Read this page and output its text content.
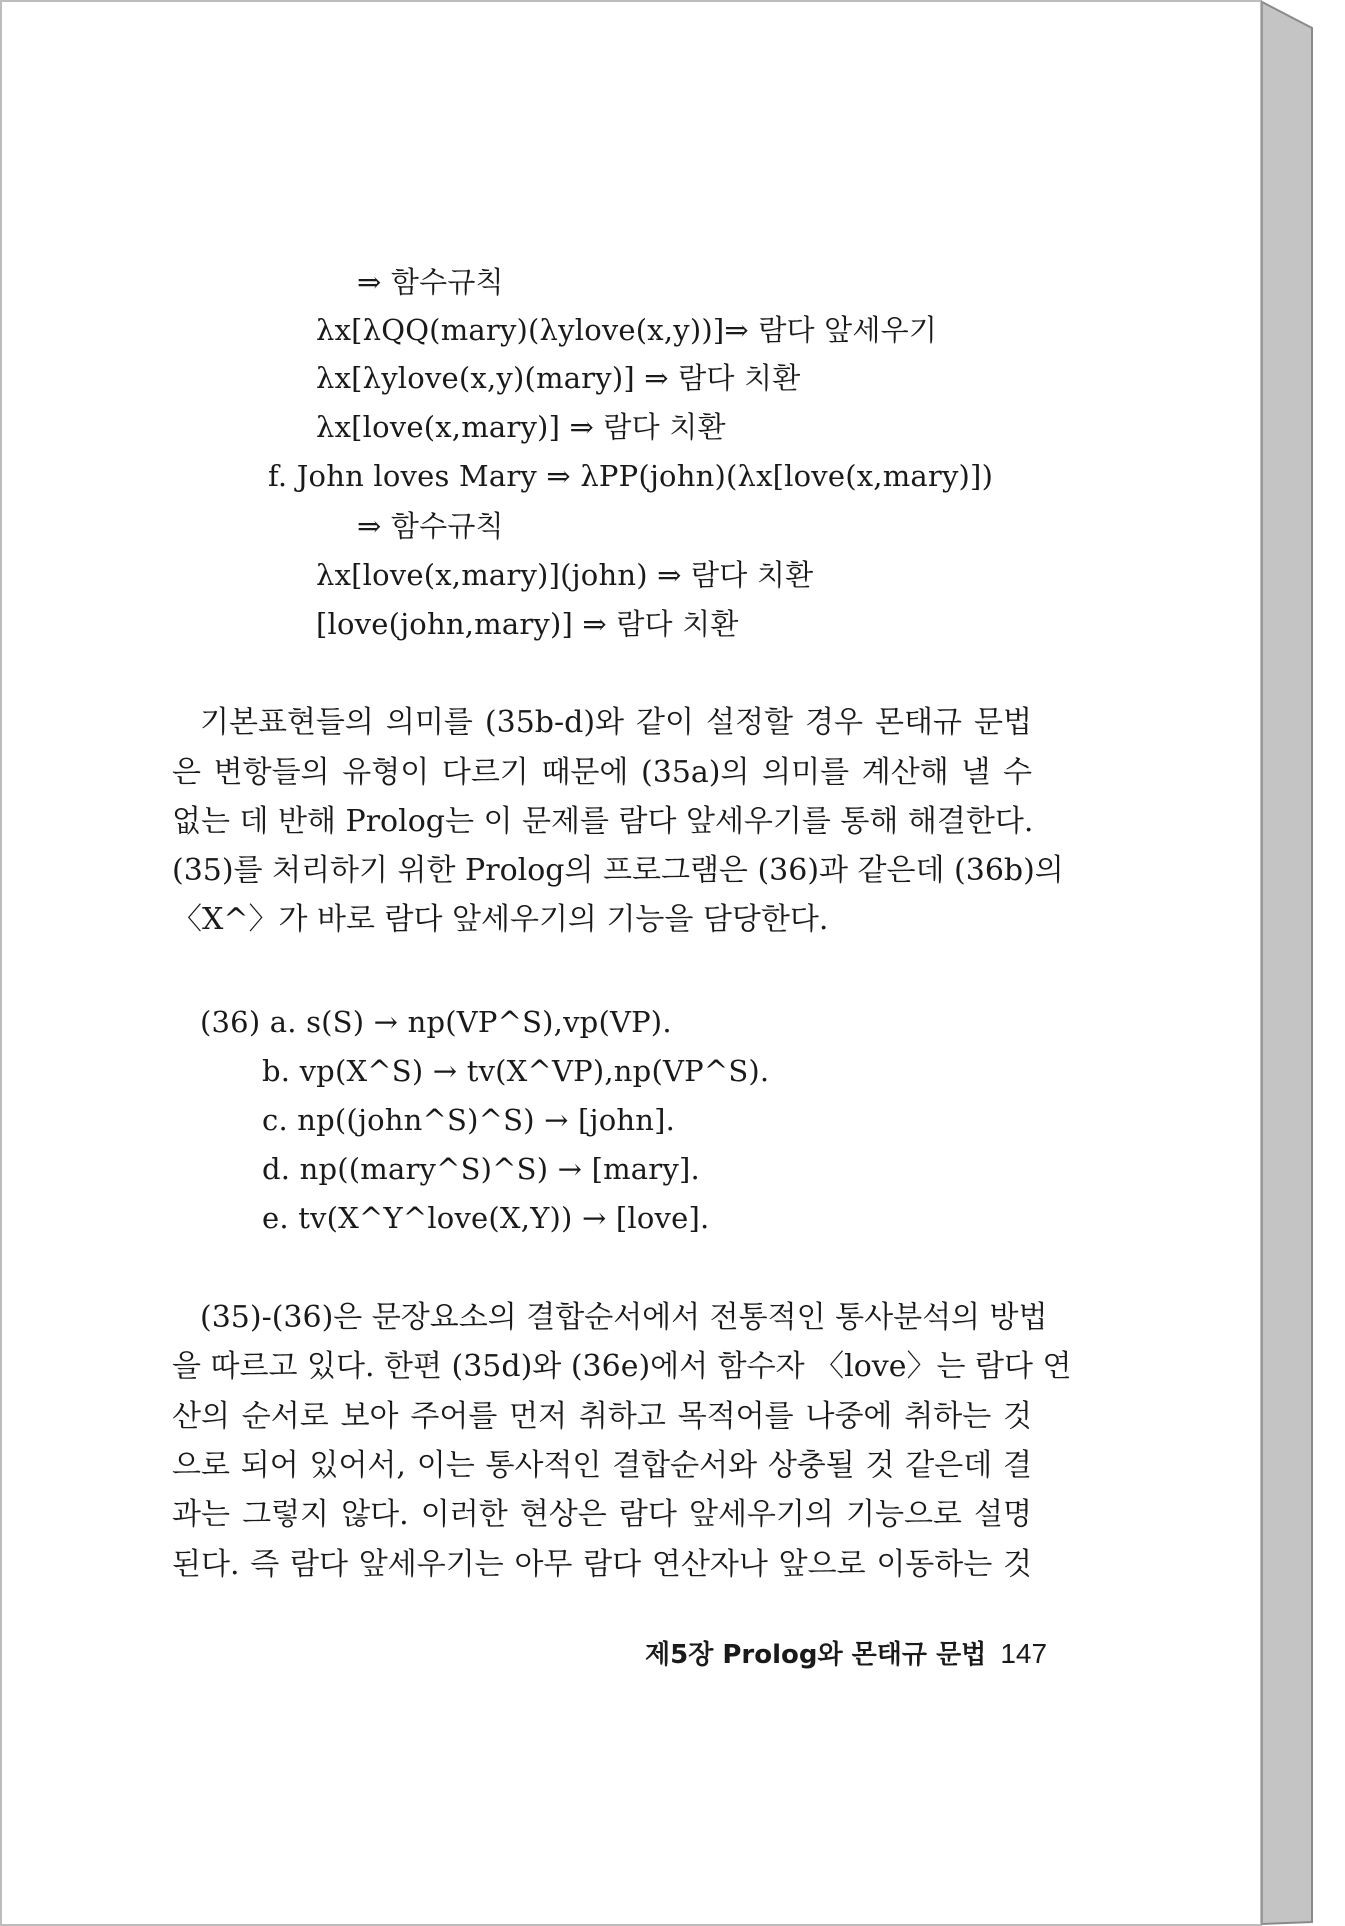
⇒ 함수규칙
λx[λQQ(mary)(λylove(x,y))]⇒ 람다 앞세우기
λx[λylove(x,y)(mary)] ⇒ 람다 치환
λx[love(x,mary)] ⇒ 람다 치환
f. John loves Mary ⇒ λPP(john)(λx[love(x,mary)])
⇒ 함수규칙
λx[love(x,mary)](john) ⇒ 람다 치환
[love(john,mary)] ⇒ 람다 치환
기본표현들의 의미를 (35b-d)와 같이 설정할 경우 몬태규 문법
은 변항들의 유형이 다르기 때문에 (35a)의 의미를 계산해 낼 수
없는 데 반해 Prolog는 이 문제를 람다 앞세우기를 통해 해결한다.
(35)를 처리하기 위한 Prolog의 프로그램은 (36)과 같은데 (36b)의
〈X^〉가 바로 람다 앞세우기의 기능을 담당한다.
(36) a. s(S) → np(VP^S),vp(VP).
b. vp(X^S) → tv(X^VP),np(VP^S).
c. np((john^S)^S) → [john].
d. np((mary^S)^S) → [mary].
e. tv(X^Y^love(X,Y)) → [love].
(35)-(36)은 문장요소의 결합순서에서 전통적인 통사분석의 방법
을 따르고 있다. 한편 (35d)와 (36e)에서 함수자 〈love〉는 람다 연
산의 순서로 보아 주어를 먼저 취하고 목적어를 나중에 취하는 것
으로 되어 있어서, 이는 통사적인 결합순서와 상충될 것 같은데 결
과는 그렇지 않다. 이러한 현상은 람다 앞세우기의 기능으로 설명
된다. 즉 람다 앞세우기는 아무 람다 연산자나 앞으로 이동하는 것
제5장 Prolog와 몬태규 문법 147
